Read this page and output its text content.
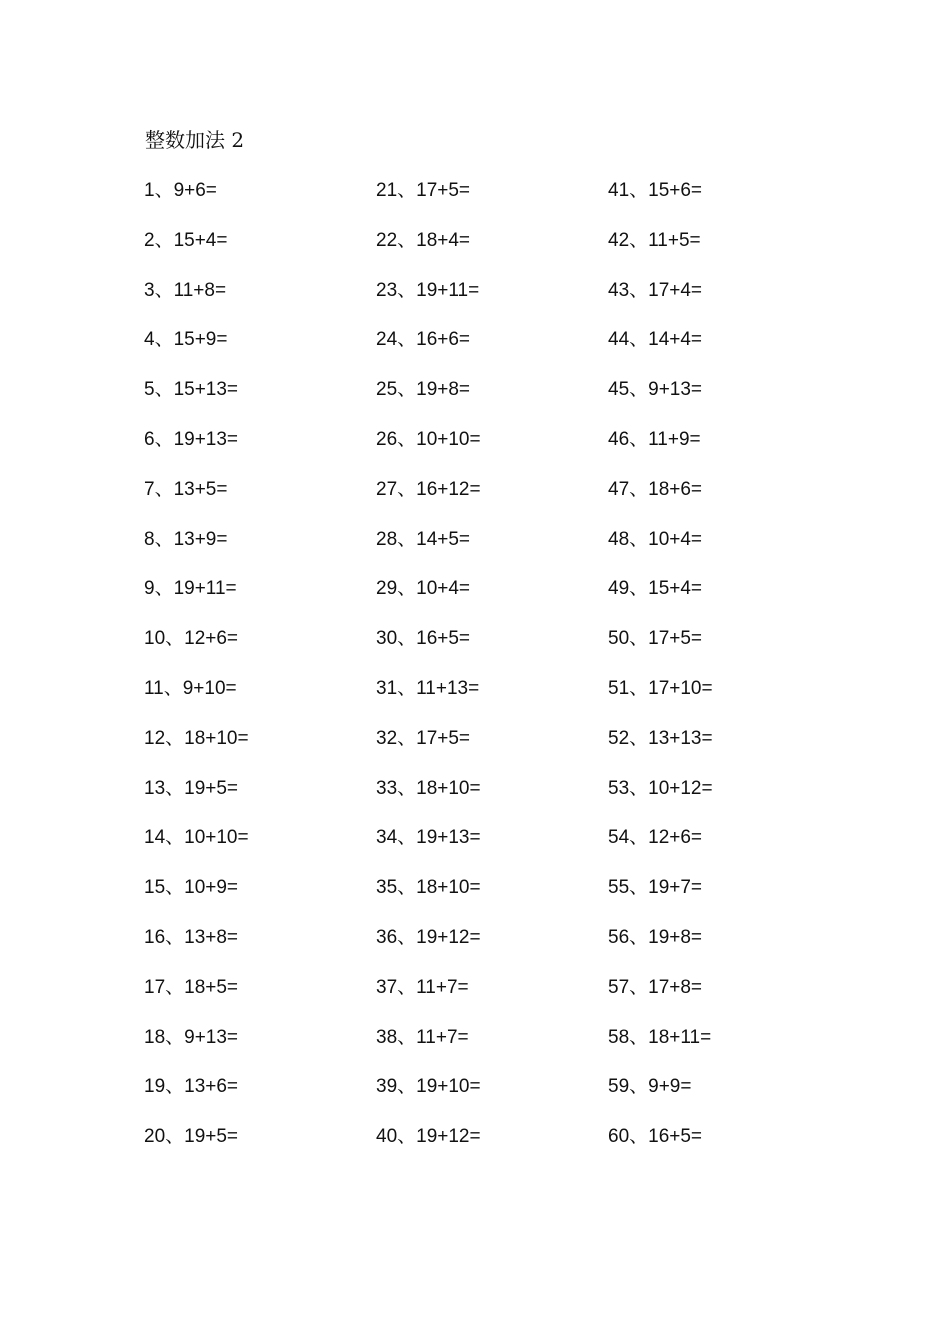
整数加法 2
1、9+6=
2、15+4=
3、11+8=
4、15+9=
5、15+13=
6、19+13=
7、13+5=
8、13+9=
9、19+11=
10、12+6=
11、9+10=
12、18+10=
13、19+5=
14、10+10=
15、10+9=
16、13+8=
17、18+5=
18、9+13=
19、13+6=
20、19+5=
21、17+5=
22、18+4=
23、19+11=
24、16+6=
25、19+8=
26、10+10=
27、16+12=
28、14+5=
29、10+4=
30、16+5=
31、11+13=
32、17+5=
33、18+10=
34、19+13=
35、18+10=
36、19+12=
37、11+7=
38、11+7=
39、19+10=
40、19+12=
41、15+6=
42、11+5=
43、17+4=
44、14+4=
45、9+13=
46、11+9=
47、18+6=
48、10+4=
49、15+4=
50、17+5=
51、17+10=
52、13+13=
53、10+12=
54、12+6=
55、19+7=
56、19+8=
57、17+8=
58、18+11=
59、9+9=
60、16+5=
